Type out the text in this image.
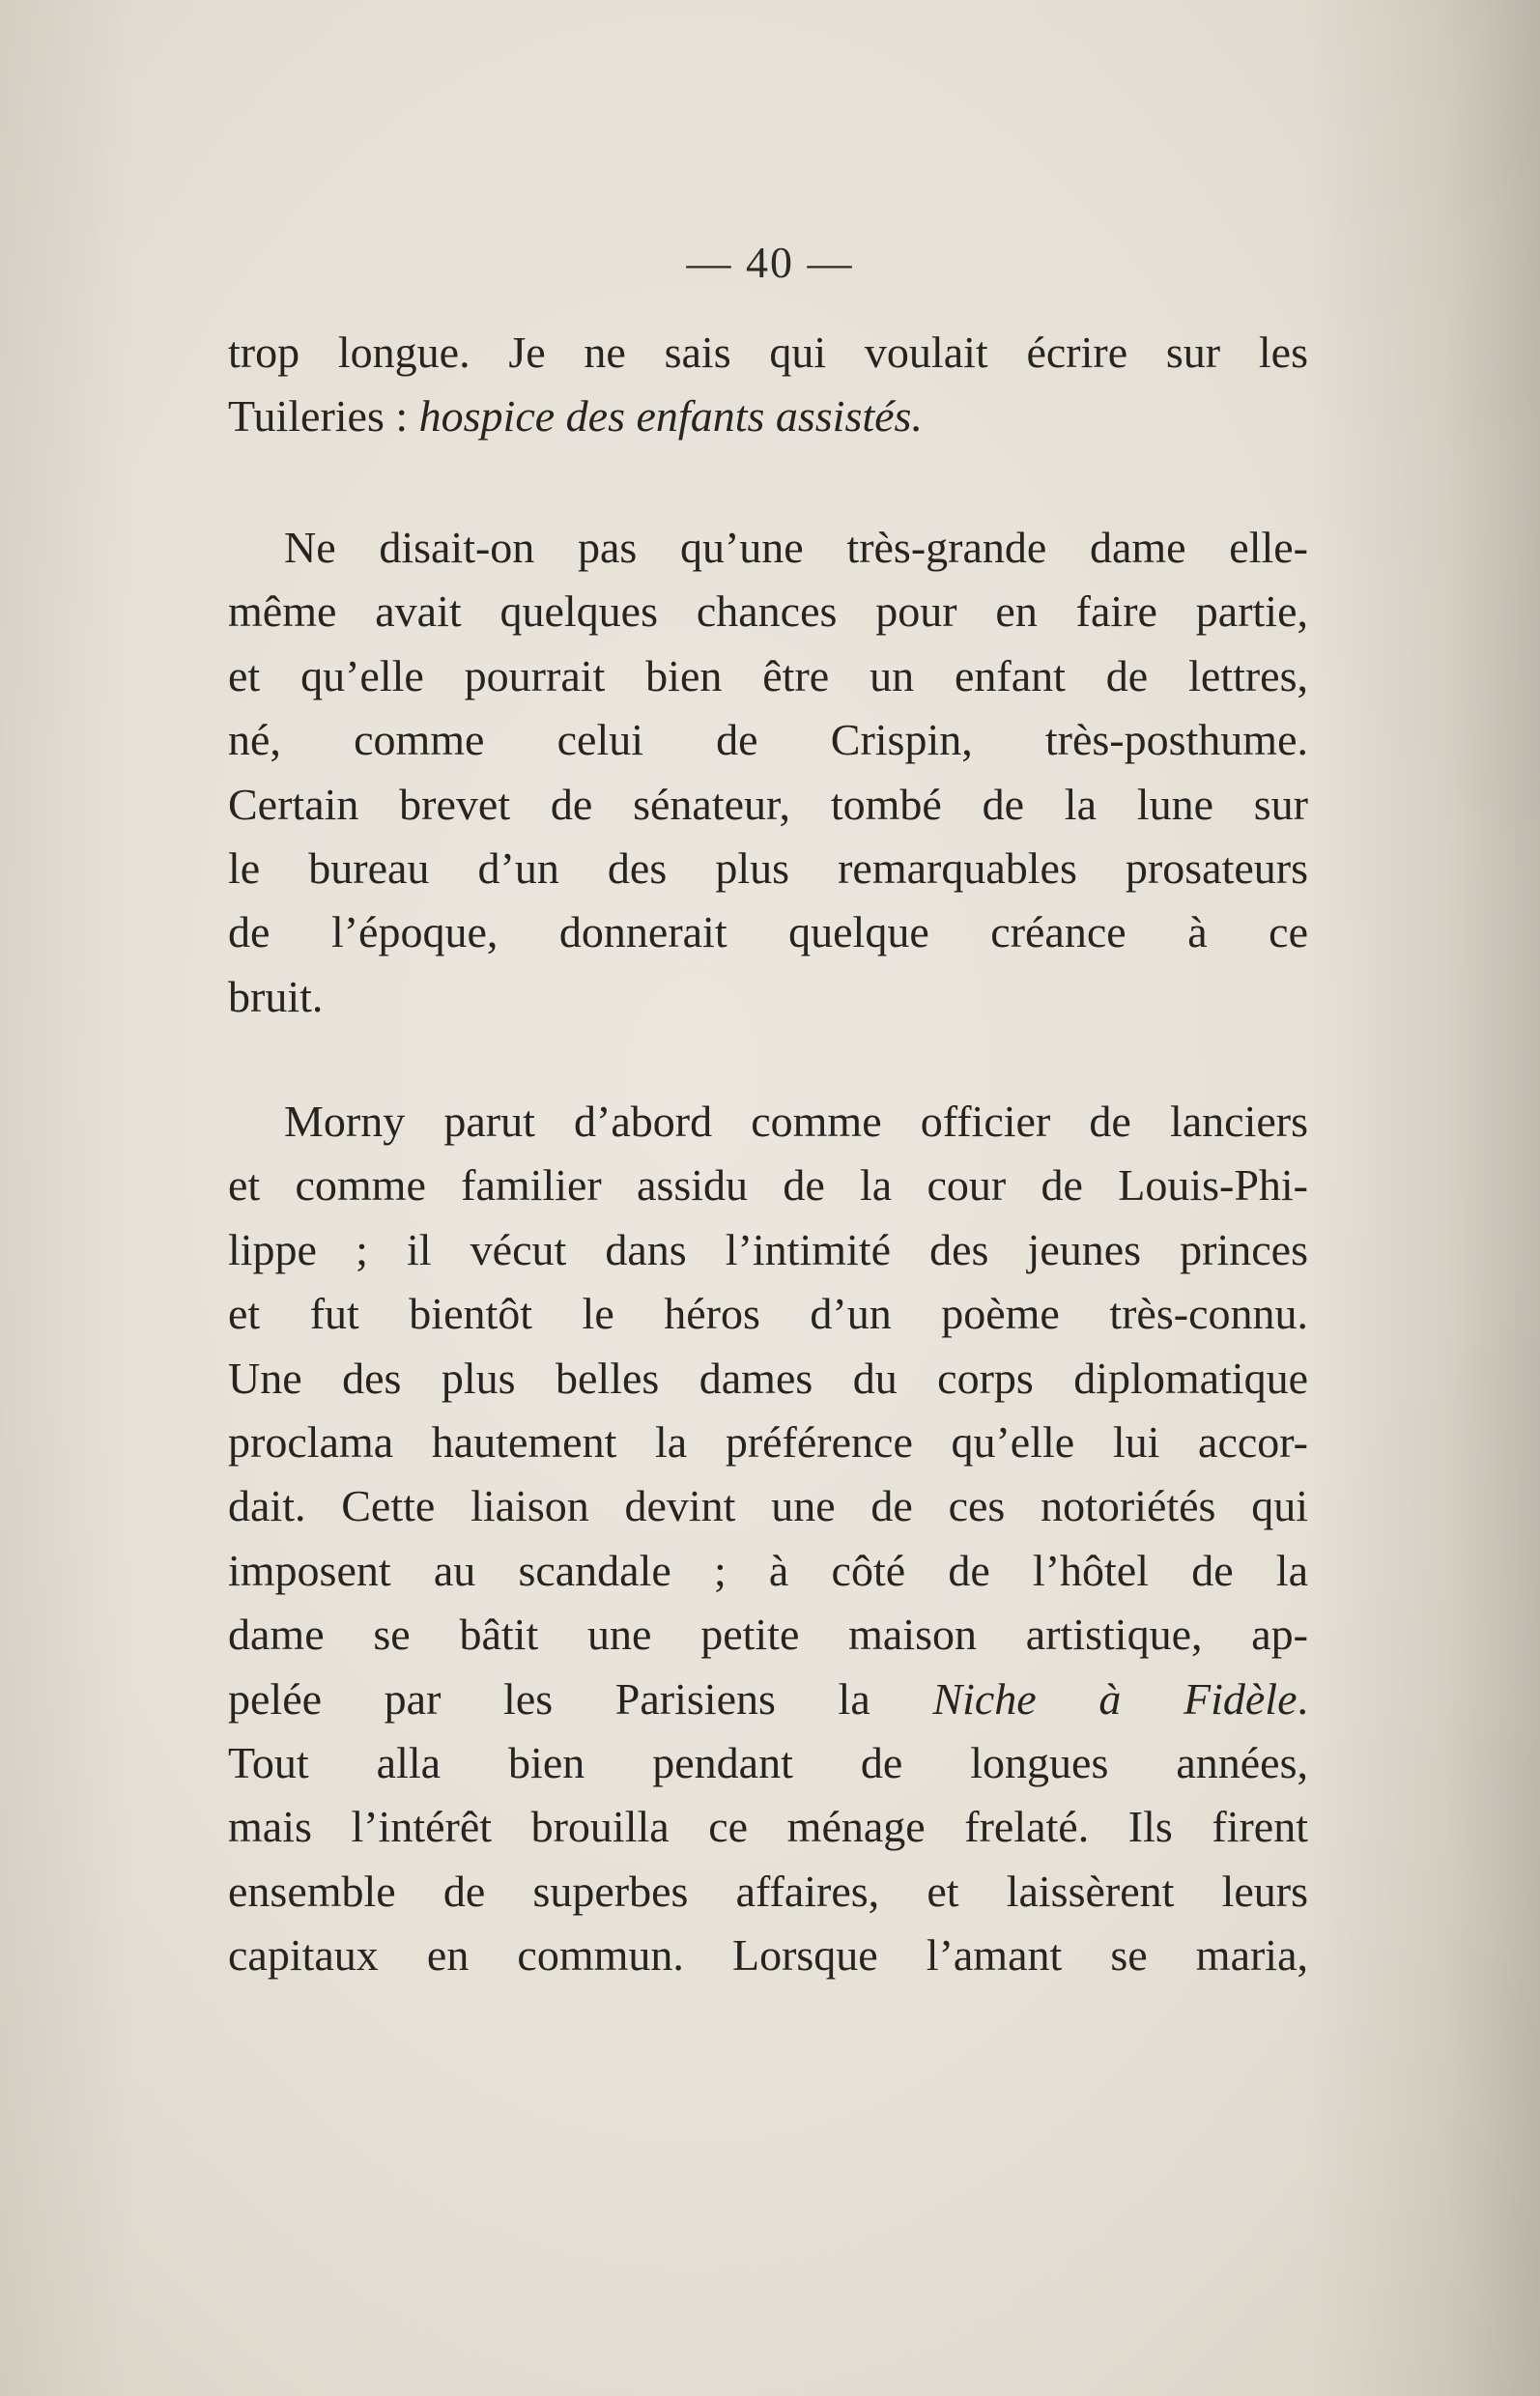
— 40 —
trop longue. Je ne sais qui voulait écrire sur les
Tuileries : hospice des enfants assistés.
Ne disait-on pas qu’une très-grande dame elle-
même avait quelques chances pour en faire partie,
et qu’elle pourrait bien être un enfant de lettres,
né, comme celui de Crispin, très-posthume.
Certain brevet de sénateur, tombé de la lune sur
le bureau d’un des plus remarquables prosateurs
de l’époque, donnerait quelque créance à ce
bruit.
Morny parut d’abord comme officier de lanciers
et comme familier assidu de la cour de Louis-Phi-
lippe ; il vécut dans l’intimité des jeunes princes
et fut bientôt le héros d’un poème très-connu.
Une des plus belles dames du corps diplomatique
proclama hautement la préférence qu’elle lui accor-
dait. Cette liaison devint une de ces notoriétés qui
imposent au scandale ; à côté de l’hôtel de la
dame se bâtit une petite maison artistique, ap-
pelée par les Parisiens la Niche à Fidèle.
Tout alla bien pendant de longues années,
mais l’intérêt brouilla ce ménage frelaté. Ils firent
ensemble de superbes affaires, et laissèrent leurs
capitaux en commun. Lorsque l’amant se maria,
